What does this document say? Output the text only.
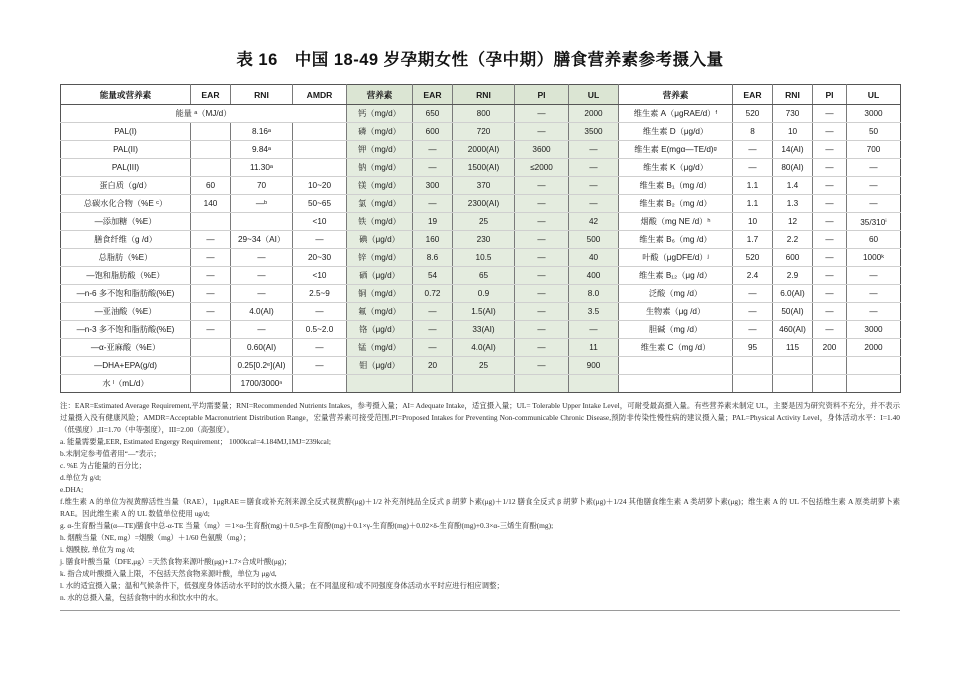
表 16　中国 18-49 岁孕期女性（孕中期）膳食营养素参考摄入量
能量或营养素	EAR	RNI	AMDR	营养素	EAR	RNI	PI	UL	营养素	EAR	RNI	PI	UL
能量 ᵃ（MJ/d）				钙（mg/d）	650	800	—	2000	维生素 A（μgRAE/d）ᶠ	520	730	—	3000
PAL(I)		8.16ᵃ		磷（mg/d）	600	720	—	3500	维生素 D（μg/d）	8	10	—	50
PAL(II)		9.84ᵃ		钾（mg/d）	—	2000(AI)	3600	—	维生素 E(mgα—TE/d)ᵍ	—	14(AI)	—	700
PAL(III)		11.30ᵃ		钠（mg/d）	—	1500(AI)	≤2000	—	维生素 K（μg/d）	—	80(AI)	—	—
蛋白质（g/d）	60	70	10~20	镁（mg/d）	300	370	—	—	维生素 B₁（mg /d）	1.1	1.4	—	—
总碳水化合物（%E ᶜ）	140	—ᵇ	50~65	氯（mg/d）	—	2300(AI)	—	—	维生素 B₂（mg /d）	1.1	1.3	—	—
—添加糖（%E）			<10	铁（mg/d）	19	25	—	42	烟酸（mg NE /d）ʰ	10	12	—	35/310ⁱ
膳食纤维（g /d）	—	29~34（AI）	—	碘（μg/d）	160	230	—	500	维生素 B₆（mg /d）	1.7	2.2	—	60
总脂肪（%E）	—	—	20~30	锌（mg/d）	8.6	10.5	—	40	叶酸（μgDFE/d）ʲ	520	600	—	1000ᵏ
—饱和脂肪酸（%E）	—	—	<10	硒（μg/d）	54	65	—	400	维生素 B₁₂（μg /d）	2.4	2.9	—	—
—n-6 多不饱和脂肪酸(%E)	—	—	2.5~9	铜（mg/d）	0.72	0.9	—	8.0	泛酸（mg /d）	—	6.0(AI)	—	—
—亚油酸（%E）	—	4.0(AI)	—	氟（mg/d）	—	1.5(AI)	—	3.5	生物素（μg /d）	—	50(AI)	—	—
—n-3 多不饱和脂肪酸(%E)	—	—	0.5~2.0	铬（μg/d）	—	33(AI)	—	—	胆碱（mg /d）	—	460(AI)	—	3000
—α-亚麻酸（%E）		0.60(AI)	—	锰（mg/d）	—	4.0(AI)	—	11	维生素 C（mg /d）	95	115	200	2000
—DHA+EPA(g/d)		0.25[0.2ᵉ](AI)	—	钼（μg/d）	20	25	—	900					
水 ˡ（mL/d）		1700/3000ⁿ											
注：EAR=Estimated Average Requirement,平均需要量；RNI=Recommended Nutrients Intakes，参考摄入量；AI= Adequate Intake，适宜摄入量；UL= Tolerable Upper Intake Level，可耐受最高摄入量。有些营养素未制定 UL，主要是因为研究资料不充分，并不表示过量摄入没有健康风险；AMDR=Acceptable Macronutrient Distribution Range，宏量营养素可接受范围,PI=Proposed Intakes for Preventing Non-communicable Chronic Disease,预防非传染性慢性病的建议摄入量；PAL=Physical Activity Level，身体活动水平：I=1.40（低强度）,II=1.70（中等强度），III=2.00（高强度）。
a. 能量需要量,EER, Estimated Engergy Requirement； 1000kcal=4.184MJ,1MJ=239kcal;
b.未制定参考值者用“—”表示；
c. %E 为占能量的百分比；
d.单位为 g/d;
e.DHA;
f.维生素 A 的单位为视黄醇活性当量（RAE），1μgRAE＝膳食或补充剂来源全反式视黄醇(μg)＋1/2 补充剂纯品全反式 β 胡萝卜素(μg)＋1/12 膳食全反式 β 胡萝卜素(μg)＋1/24 其他膳食维生素 A 类胡萝卜素(μg)；维生素 A 的 UL 不包括维生素 A 原类胡萝卜素 RAE。因此维生素 A 的 UL 数值单位使用 ug/d;
g. α-生育酚当量(α—TE)膳食中总-α-TE 当量（mg）＝1×α-生育酚(mg)＋0.5×β-生育酚(mg)＋0.1×γ-生育酚(mg)＋0.02×δ-生育酚(mg)+0.3×α-三烯生育酚(mg);
h. 烟酸当量（NE, mg）=烟酸（mg）＋1/60 色氨酸（mg）；
i. 烟酰胺, 单位为 mg /d;
j. 膳食叶酸当量（DFE,μg）=天然食物来源叶酸(μg)+1.7×合成叶酸(μg)；
k. 指合成叶酸摄入量上限，不包括天然食物来源叶酸，单位为 μg/d,
l. 水的适宜摄入量；温和气候条件下，低强度身体活动水平时的饮水摄入量；在不同温度和/或不同强度身体活动水平时应进行相应调整；
n. 水的总摄入量，包括食物中的水和饮水中的水。
